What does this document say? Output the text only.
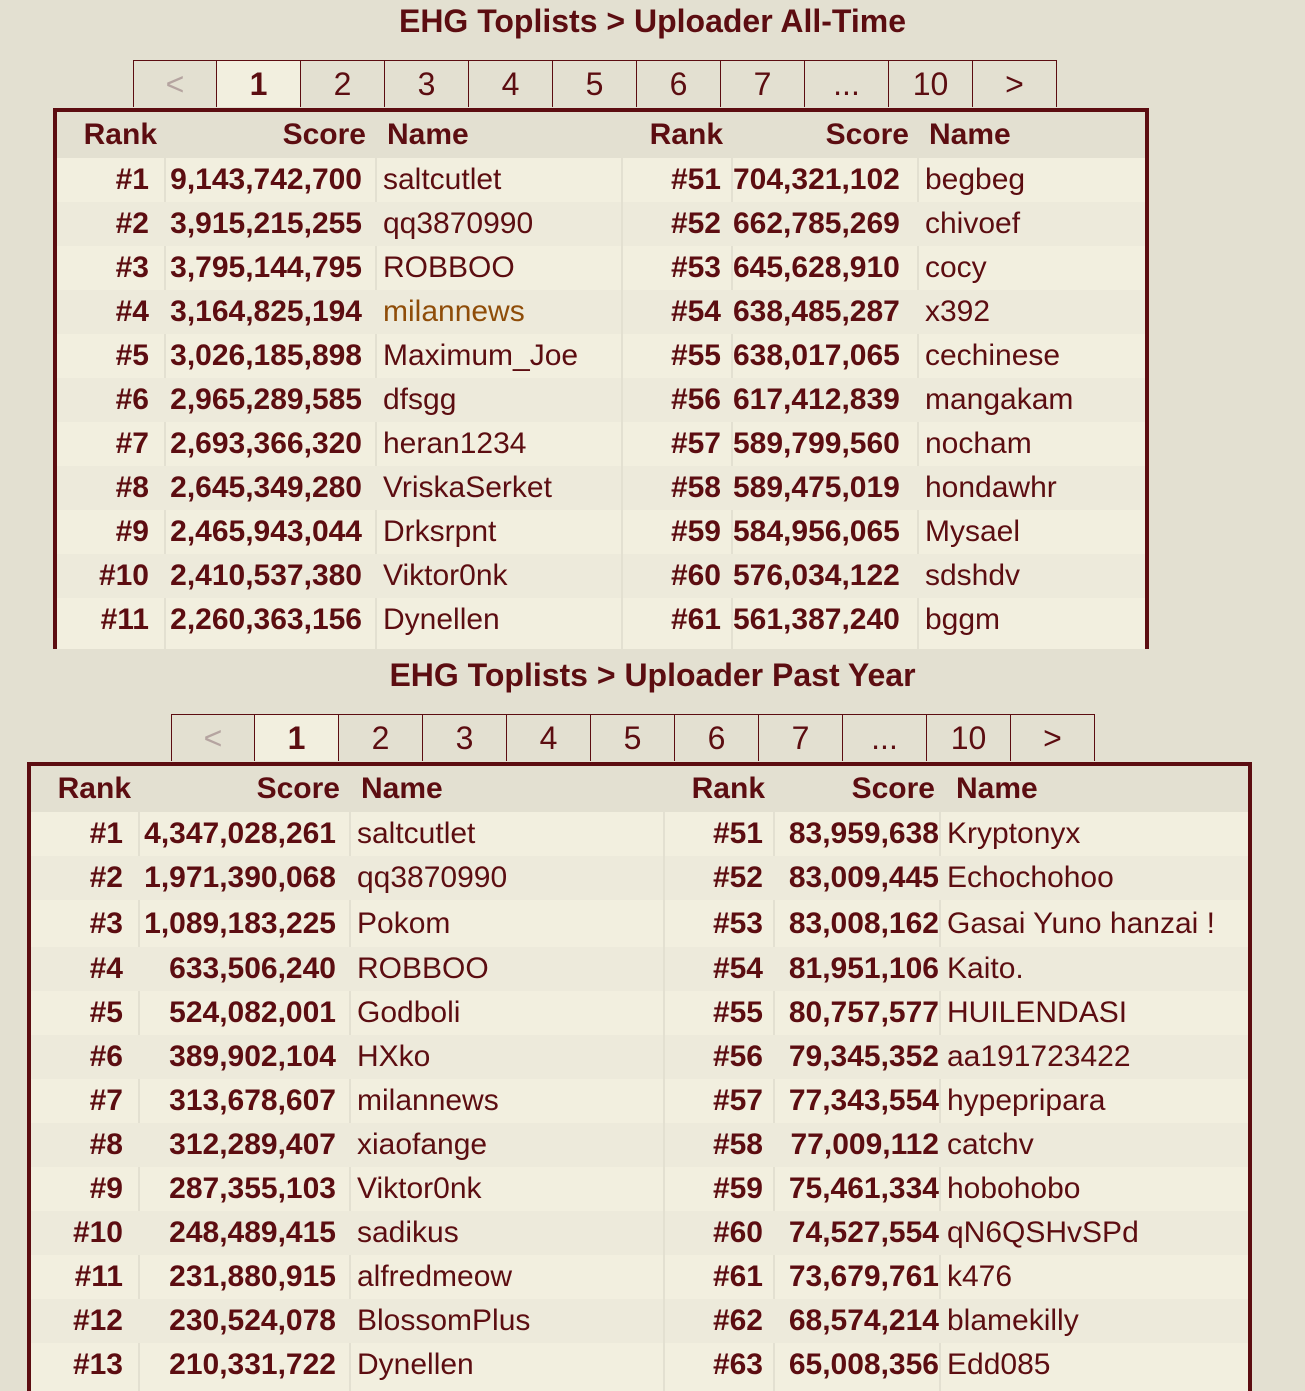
EHG Toplists > Uploader All-Time
<	1	2	3	4	5	6	7	...	10	>
Rank	Score Name	Rank	Score Name
#1 9,143,742,700 saltcutlet
#2 3,915,215,255 qq3870990
#3 3,795,144,795 ROBBOO
#4 3,164,825,194 milannews
#5 3,026,185,898 Maximum_Joe
#6 2,965,289,585 dfsgg
#7 2,693,366,320 heran1234
#8 2,645,349,280 VriskaSerket
#9 2,465,943,044 Drksrpnt
#10 2,410,537,380 Viktor0nk
#11 2,260,363,156 Dynellen
#51 704,321,102 begbeg
#52 662,785,269 chivoef
#53 645,628,910 cocy
#54 638,485,287 x392
#55 638,017,065 cechinese
#56 617,412,839 mangakam
#57 589,799,560 nocham
#58 589,475,019 hondawhr
#59 584,956,065 Mysael
#60 576,034,122 sdshdv
#61 561,387,240 bggm
EHG Toplists > Uploader Past Year
<	1	2	3	4	5	6	7	...	10	>
Rank	Score Name	Rank	Score Name
#1 4,347,028,261 saltcutlet
#2 1,971,390,068 qq3870990
#3 1,089,183,225 Pokom
#4	633,506,240 ROBBOO
#5	524,082,001 Godboli
#6	389,902,104 HXko
#7	313,678,607 milannews
#8	312,289,407 xiaofange
#9	287,355,103 Viktor0nk
#10	248,489,415 sadikus
#11	231,880,915 alfredmeow
#12	230,524,078 BlossomPlus
#13	210,331,722 Dynellen
#51 83,959,638 Kryptonyx
#52 83,009,445 Echochohoo
#53 83,008,162 Gasai Yuno hanzai !
#54 81,951,106 Kaito.
#55 80,757,577 HUILENDASI
#56 79,345,352 aa191723422
#57 77,343,554 hypepripara
#58 77,009,112 catchv
#59 75,461,334 hobohobo
#60 74,527,554 qN6QSHvSPd
#61 73,679,761 k476
#62 68,574,214 blamekilly
#63 65,008,356 Edd085
